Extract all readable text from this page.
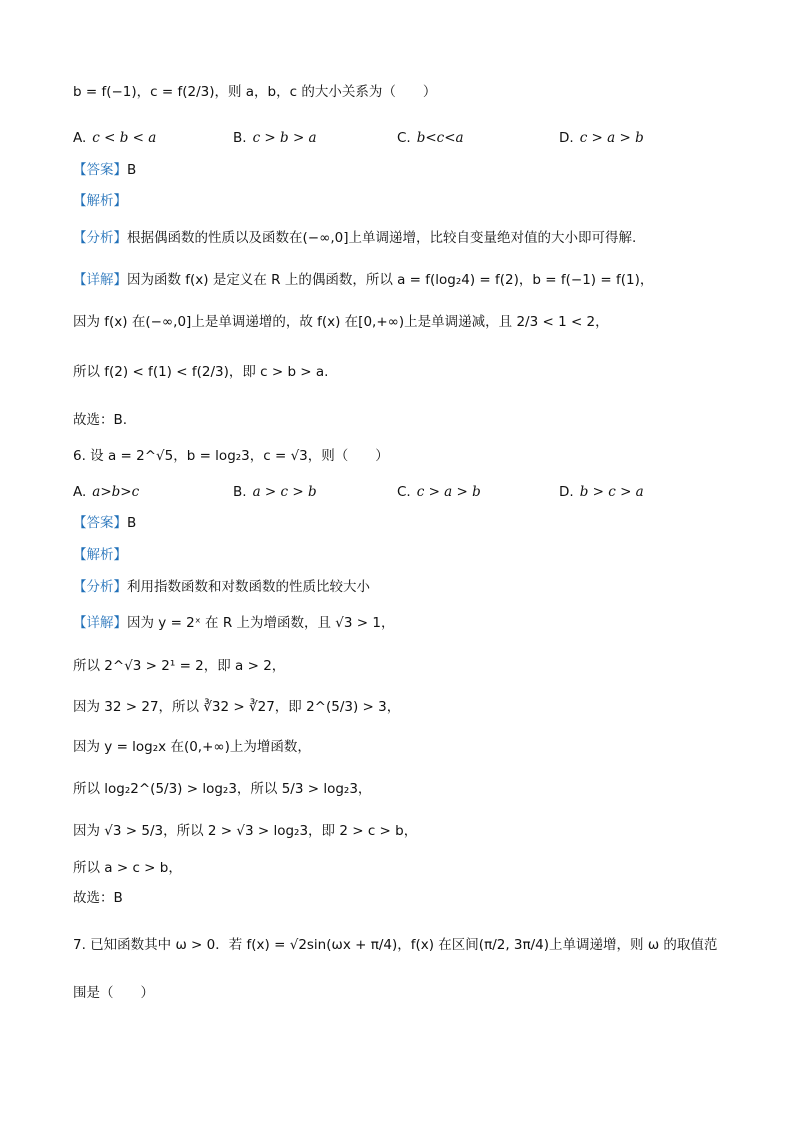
b = f(−1)，c = f(2/3)，则 a，b，c 的大小关系为（　　）
A. c < b < a	B. c > b > a	C. b<c<a	D. c > a > b
【答案】B
【解析】
【分析】根据偶函数的性质以及函数在(−∞,0]上单调递增，比较自变量绝对值的大小即可得解.
【详解】因为函数 f(x) 是定义在 R 上的偶函数，所以 a = f(log₂4) = f(2)，b = f(−1) = f(1)，
因为 f(x) 在(−∞,0]上是单调递增的，故 f(x) 在[0,+∞)上是单调递减，且 2/3 < 1 < 2，
所以 f(2) < f(1) < f(2/3)，即 c > b > a.
故选：B.
6. 设 a = 2^√5，b = log₂3，c = √3，则（　　）
A. a>b>c	B. a > c > b	C. c > a > b	D. b > c > a
【答案】B
【解析】
【分析】利用指数函数和对数函数的性质比较大小
【详解】因为 y = 2ˣ 在 R 上为增函数，且 √3 > 1，
所以 2^√3 > 2¹ = 2，即 a > 2，
因为 32 > 27，所以 ∛32 > ∛27，即 2^(5/3) > 3，
因为 y = log₂x 在(0,+∞)上为增函数，
所以 log₂2^(5/3) > log₂3，所以 5/3 > log₂3，
因为 √3 > 5/3，所以 2 > √3 > log₂3，即 2 > c > b，
所以 a > c > b，
故选：B
7. 已知函数其中 ω > 0．若 f(x) = √2sin(ωx + π/4)，f(x) 在区间(π/2, 3π/4)上单调递增，则 ω 的取值范
围是（　　）
